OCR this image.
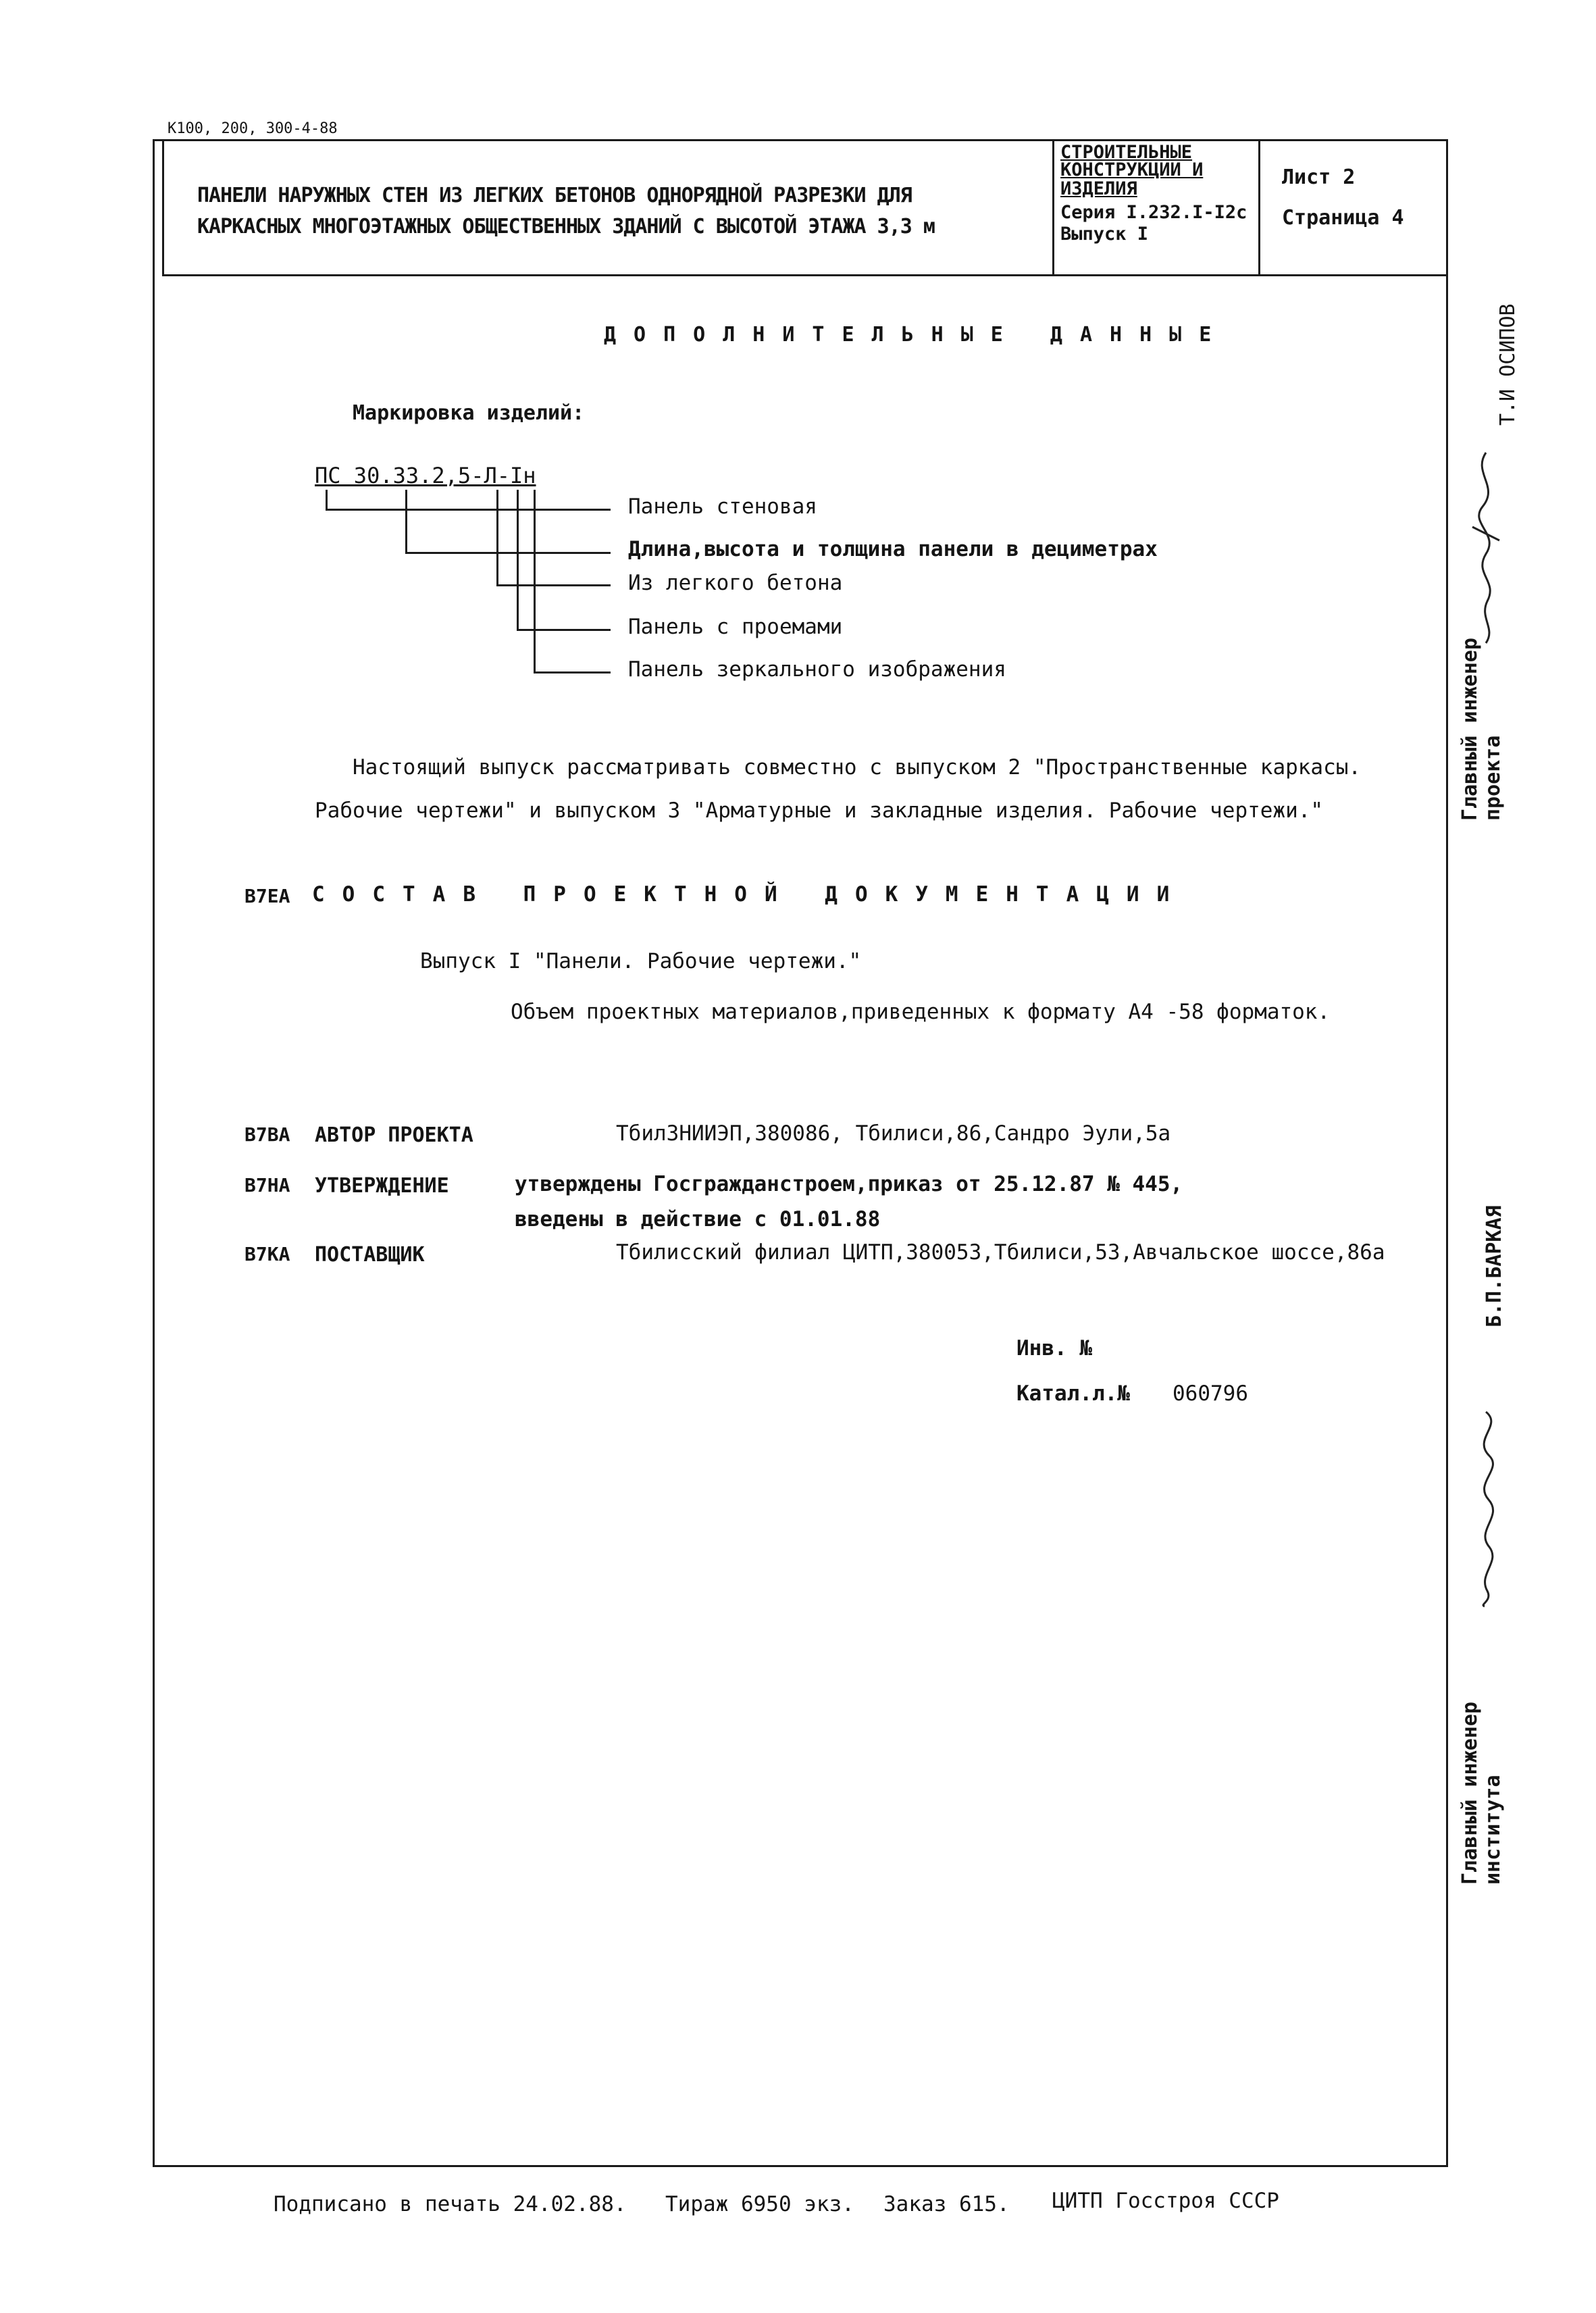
К100, 200, 300-4-88
ПАНЕЛИ НАРУЖНЫХ СТЕН ИЗ ЛЕГКИХ БЕТОНОВ ОДНОРЯДНОЙ РАЗРЕЗКИ ДЛЯ
КАРКАСНЫХ МНОГОЭТАЖНЫХ ОБЩЕСТВЕННЫХ ЗДАНИЙ С ВЫСОТОЙ ЭТАЖА 3,3 м
СТРОИТЕЛЬНЫЕ
КОНСТРУКЦИИ И
ИЗДЕЛИЯ
Серия I.232.I-I2с
Выпуск I
Лист 2
Страница 4
ДОПОЛНИТЕЛЬНЫЕ ДАННЫЕ
Маркировка изделий:
ПС 30.33.2,5-Л-Iн
Панель стеновая
Длина,высота и толщина панели в дециметрах
Из легкого бетона
Панель с проемами
Панель зеркального изображения
Настоящий выпуск рассматривать совместно с выпуском 2 "Пространственные каркасы.
Рабочие чертежи" и выпуском 3 "Арматурные и закладные изделия. Рабочие чертежи."
В7ЕА СОСТАВ ПРОЕКТНОЙ ДОКУМЕНТАЦИИ
Выпуск I "Панели. Рабочие чертежи."
Объем проектных материалов,приведенных к формату А4 -58 форматок.
В7ВА АВТОР ПРОЕКТА	ТбилЗНИИЭП,380086, Тбилиси,86,Сандро Эули,5а
В7НА УТВЕРЖДЕНИЕ	утверждены Госгражданстроем,приказ от 25.12.87 № 445,
введены в действие с 01.01.88
В7КА ПОСТАВЩИК	Тбилисский филиал ЦИТП,380053,Тбилиси,53,Авчальское шоссе,86а
Инв. №
Катал.л.№ 060796
Т.И ОСИПОВ
Главный инженер проекта
Б.П.БАРКАЯ
Главный инженер института
Подписано в печать 24.02.88. Тираж 6950 экз. Заказ 615. ЦИТП Госстроя СССР
